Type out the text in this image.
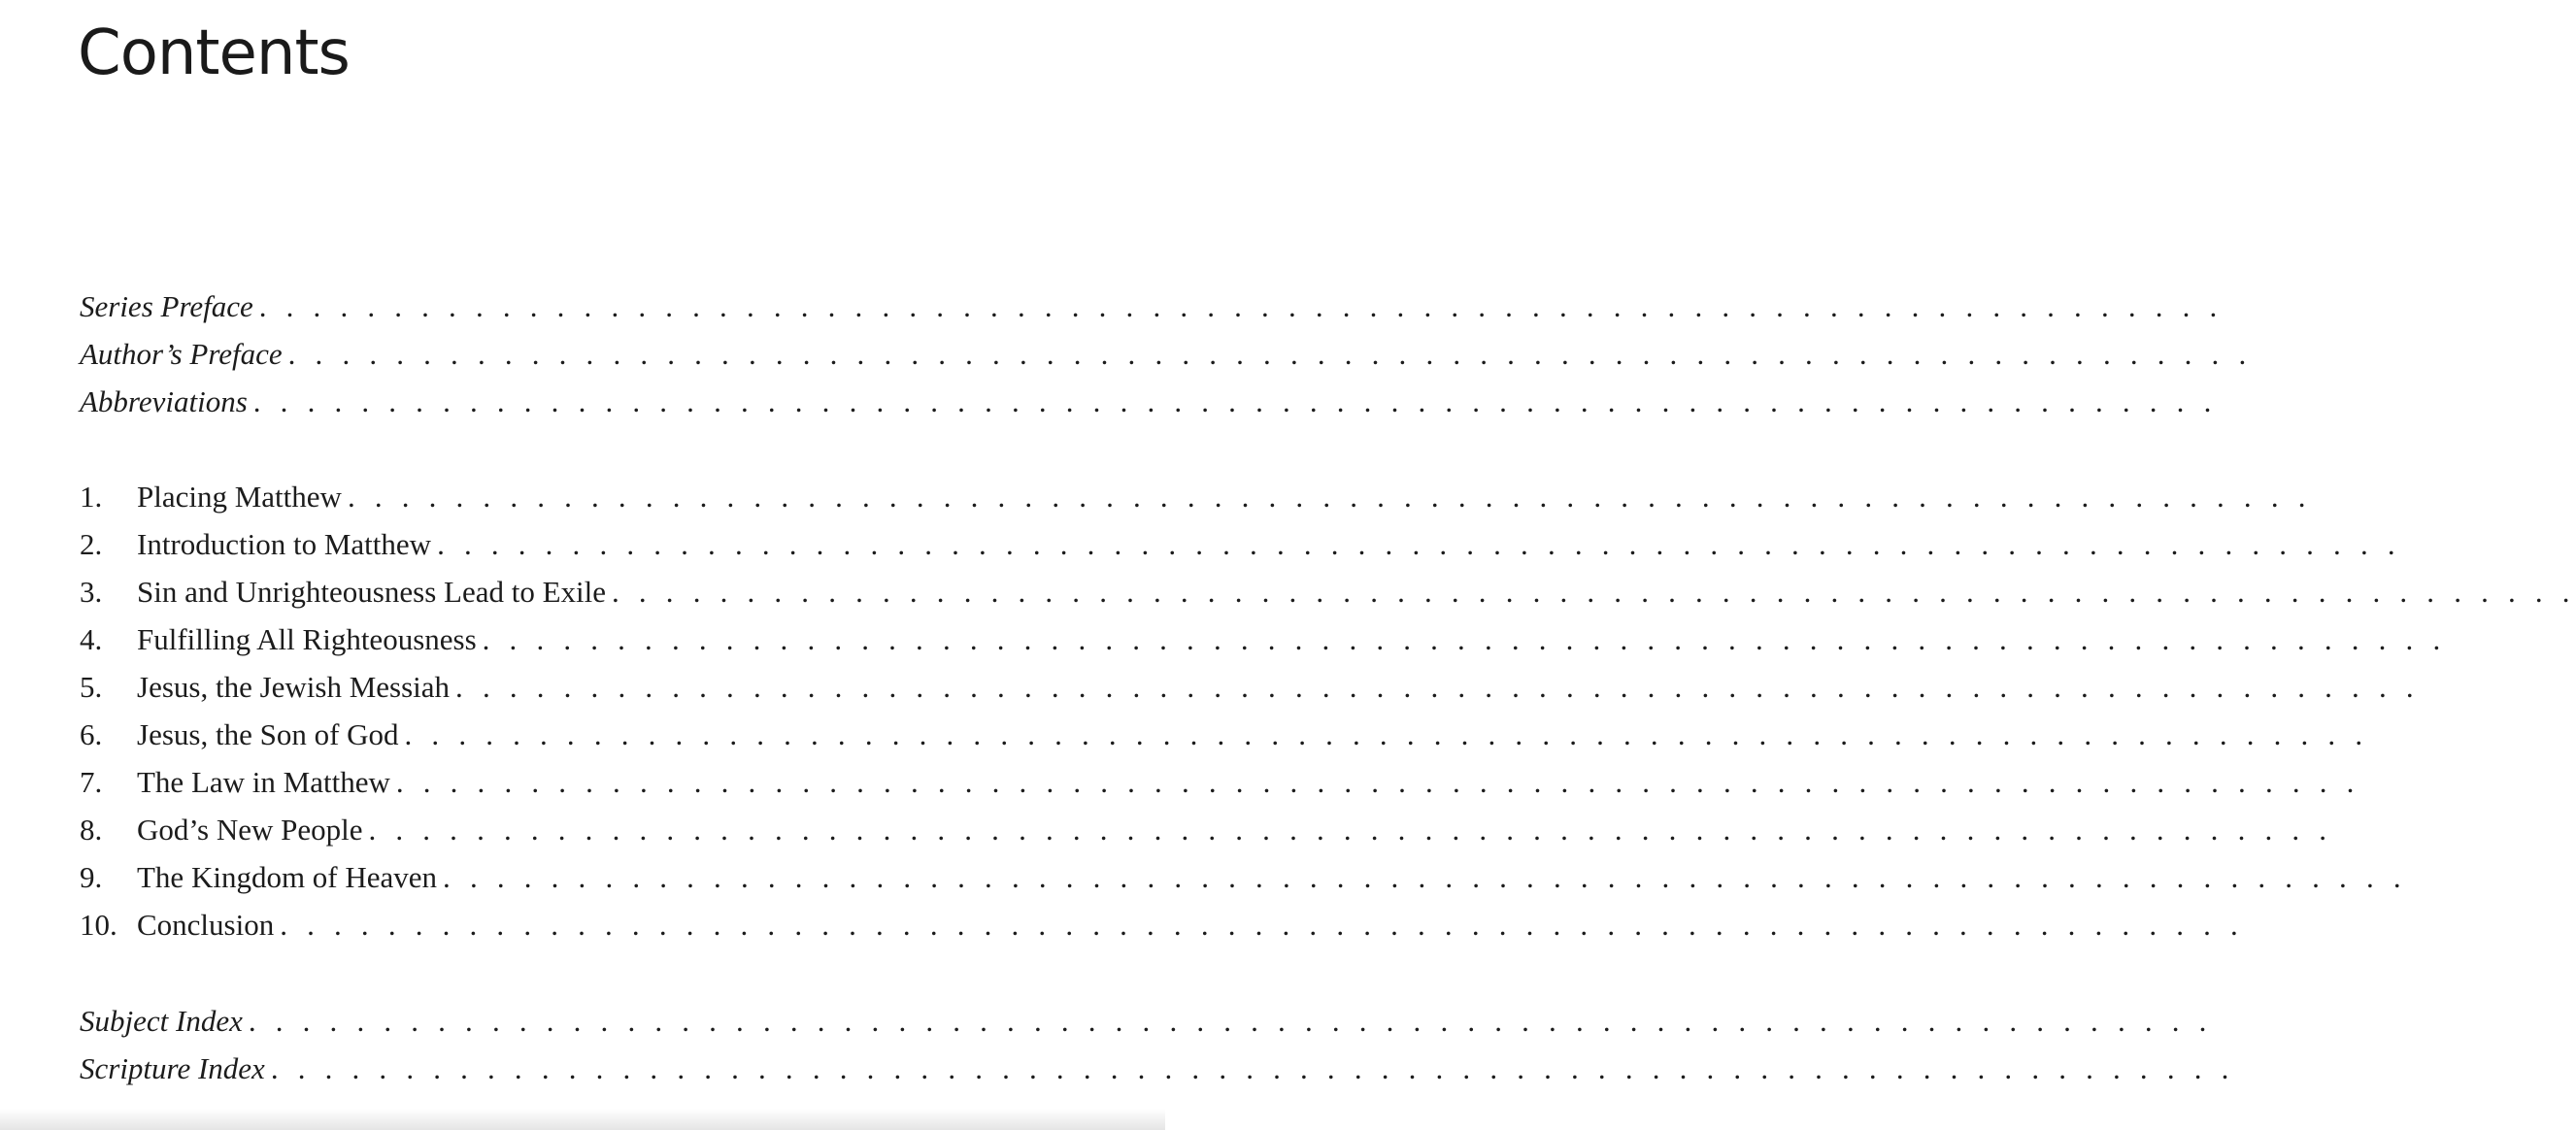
Contents
Series Preface . . . . . . . . . . . . . . . . . . . . . . . . . . . . . . . . . . . . . . . . . . . . . . . . . . . . . . . . . . . . . . . . . . . . . . . . .
Author’s Preface . . . . . . . . . . . . . . . . . . . . . . . . . . . . . . . . . . . . . . . . . . . . . . . . . . . . . . . . . . . . . . . . . . . . . . . . .
Abbreviations . . . . . . . . . . . . . . . . . . . . . . . . . . . . . . . . . . . . . . . . . . . . . . . . . . . . . . . . . . . . . . . . . . . . . . . . .
1.	Placing Matthew . . . . . . . . . . . . . . . . . . . . . . . . . . . . . . . . . . . . . . . . . . . . . . . . . . . . . . . . . . . . . . . . . . . . . . . . .
2.	Introduction to Matthew . . . . . . . . . . . . . . . . . . . . . . . . . . . . . . . . . . . . . . . . . . . . . . . . . . . . . . . . . . . . . . . . . . . . . . . . .
3.	Sin and Unrighteousness Lead to Exile . . . . . . . . . . . . . . . . . . . . . . . . . . . . . . . . . . . . . . . . . . . . . . . . . . . . . . . . . . . . . . . . . . . . . . . . .
4.	Fulfilling All Righteousness . . . . . . . . . . . . . . . . . . . . . . . . . . . . . . . . . . . . . . . . . . . . . . . . . . . . . . . . . . . . . . . . . . . . . . . . .
5.	Jesus, the Jewish Messiah . . . . . . . . . . . . . . . . . . . . . . . . . . . . . . . . . . . . . . . . . . . . . . . . . . . . . . . . . . . . . . . . . . . . . . . . .
6.	Jesus, the Son of God . . . . . . . . . . . . . . . . . . . . . . . . . . . . . . . . . . . . . . . . . . . . . . . . . . . . . . . . . . . . . . . . . . . . . . . . .
7.	The Law in Matthew . . . . . . . . . . . . . . . . . . . . . . . . . . . . . . . . . . . . . . . . . . . . . . . . . . . . . . . . . . . . . . . . . . . . . . . . .
8.	God’s New People . . . . . . . . . . . . . . . . . . . . . . . . . . . . . . . . . . . . . . . . . . . . . . . . . . . . . . . . . . . . . . . . . . . . . . . . .
9.	The Kingdom of Heaven . . . . . . . . . . . . . . . . . . . . . . . . . . . . . . . . . . . . . . . . . . . . . . . . . . . . . . . . . . . . . . . . . . . . . . . . .
10. Conclusion . . . . . . . . . . . . . . . . . . . . . . . . . . . . . . . . . . . . . . . . . . . . . . . . . . . . . . . . . . . . . . . . . . . . . . . . .
Subject Index . . . . . . . . . . . . . . . . . . . . . . . . . . . . . . . . . . . . . . . . . . . . . . . . . . . . . . . . . . . . . . . . . . . . . . . . .
Scripture Index . . . . . . . . . . . . . . . . . . . . . . . . . . . . . . . . . . . . . . . . . . . . . . . . . . . . . . . . . . . . . . . . . . . . . . . . .
